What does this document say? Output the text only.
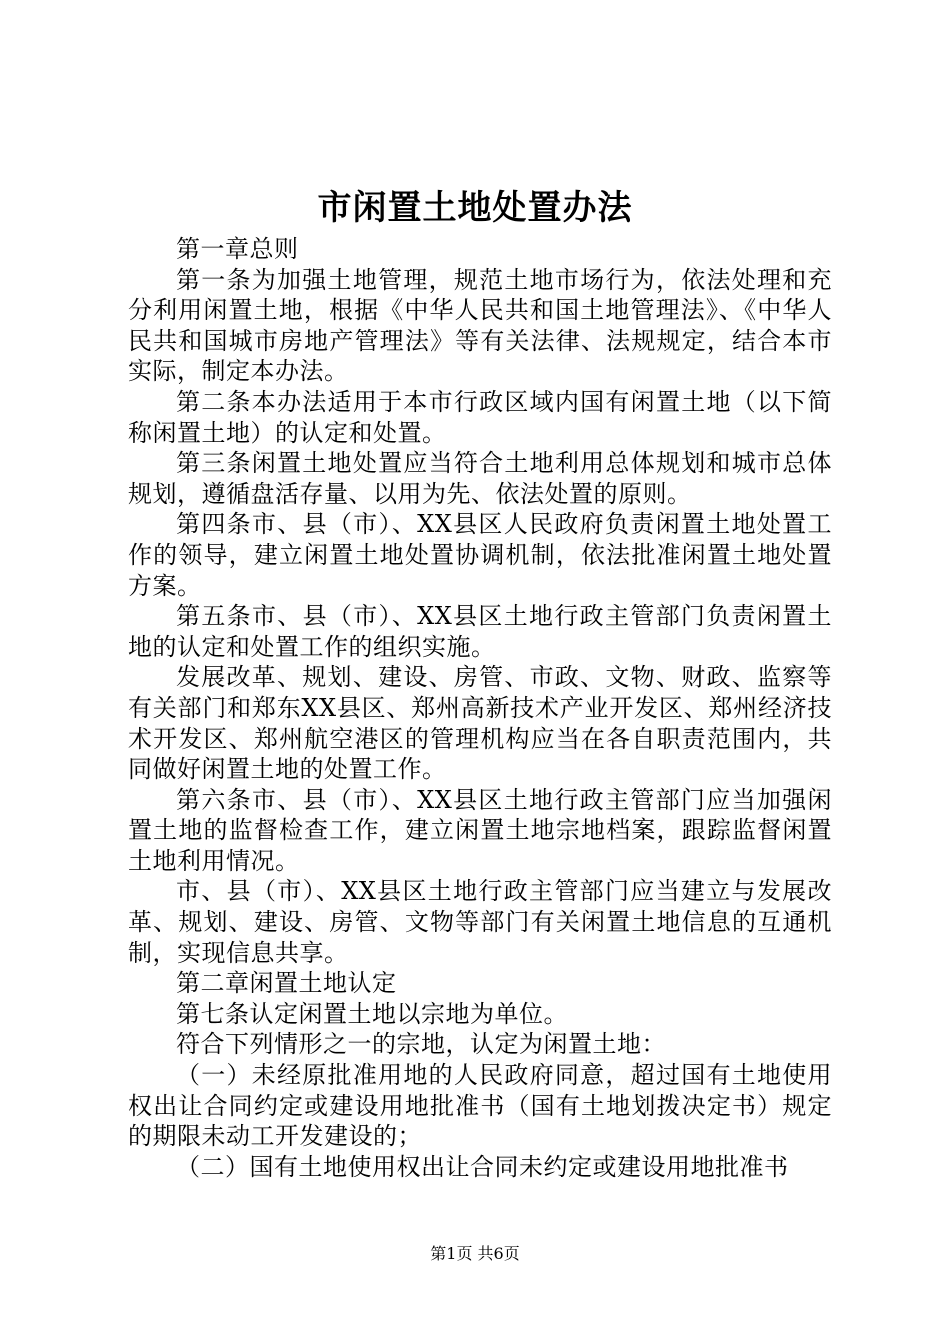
市闲置土地处置办法

第一章总则

第一条为加强土地管理，规范土地市场行为，依法处理和充分利用闲置土地，根据《中华人民共和国土地管理法》、《中华人民共和国城市房地产管理法》等有关法律、法规规定，结合本市实际，制定本办法。

第二条本办法适用于本市行政区域内国有闲置土地（以下简称闲置土地）的认定和处置。

第三条闲置土地处置应当符合土地利用总体规划和城市总体规划，遵循盘活存量、以用为先、依法处置的原则。

第四条市、县（市）、XX县区人民政府负责闲置土地处置工作的领导，建立闲置土地处置协调机制，依法批准闲置土地处置方案。

第五条市、县（市）、XX县区土地行政主管部门负责闲置土地的认定和处置工作的组织实施。

发展改革、规划、建设、房管、市政、文物、财政、监察等有关部门和郑东XX县区、郑州高新技术产业开发区、郑州经济技术开发区、郑州航空港区的管理机构应当在各自职责范围内，共同做好闲置土地的处置工作。

第六条市、县（市）、XX县区土地行政主管部门应当加强闲置土地的监督检查工作，建立闲置土地宗地档案，跟踪监督闲置土地利用情况。

市、县（市）、XX县区土地行政主管部门应当建立与发展改革、规划、建设、房管、文物等部门有关闲置土地信息的互通机制，实现信息共享。

第二章闲置土地认定

第七条认定闲置土地以宗地为单位。

符合下列情形之一的宗地，认定为闲置土地：

（一）未经原批准用地的人民政府同意，超过国有土地使用权出让合同约定或建设用地批准书（国有土地划拨决定书）规定的期限未动工开发建设的；

（二）国有土地使用权出让合同未约定或建设用地批准书

第1页 共6页
